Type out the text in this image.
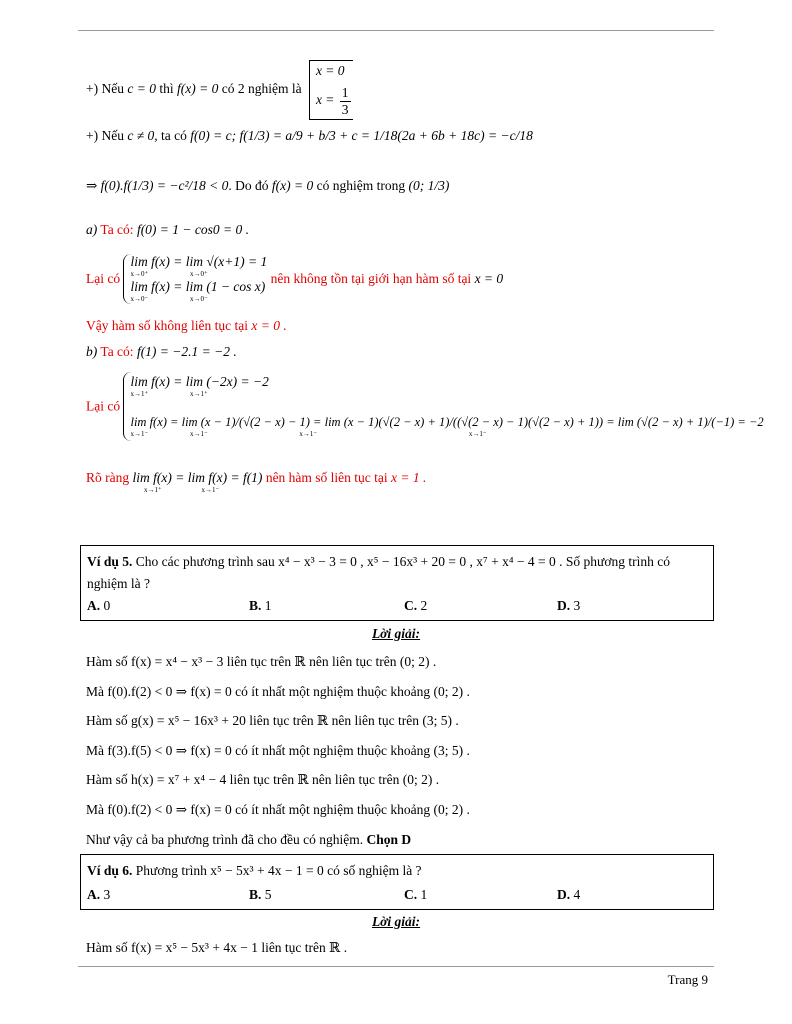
+) Nếu c = 0 thì f(x) = 0 có 2 nghiệm là
x = 0
$x = \frac{1}{3}$
+) Nếu c ≠ 0, ta có f(0) = c; f(1/3) = a/9 + b/3 + c = 1/18(2a + 6b + 18c) = −c/18
⇒ f(0).f(1/3) = −c²/18 < 0. Do đó f(x) = 0 có nghiệm trong (0; 1/3)
a) Ta có: f(0) = 1 − cos0 = 0 .
Lại có
lim f(x) = lim √(x+1) = 1
x→0⁺	x→0⁺
lim f(x) = lim (1 − cos x)
x→0⁻	x→0⁻
nên không tồn tại giới hạn hàm số tại x = 0
Vậy hàm số không liên tục tại x = 0 .
b) Ta có: f(1) = −2.1 = −2 .
Lại có
lim f(x) = lim (−2x) = −2
x→1⁺	x→1⁺
lim f(x) = lim (x − 1)/(√(2 − x) − 1) = lim (x − 1)(√(2 − x) + 1)/((√(2 − x) − 1)(√(2 − x) + 1)) = lim (√(2 − x) + 1)/(−1) = −2
x→1⁻	x→1⁻	x→1⁻	x→1⁻
Rõ ràng lim f(x) = lim f(x) = f(1) nên hàm số liên tục tại x = 1 .
x→1⁺	x→1⁻
Ví dụ 5. Cho các phương trình sau x⁴ − x³ − 3 = 0 , x⁵ − 16x³ + 20 = 0 , x⁷ + x⁴ − 4 = 0 . Số phương trình có
nghiệm là ?
A. 0	B. 1	C. 2	D. 3
Lời giải:
Hàm số f(x) = x⁴ − x³ − 3 liên tục trên ℝ nên liên tục trên (0; 2) .
Mà f(0).f(2) < 0 ⇒ f(x) = 0 có ít nhất một nghiệm thuộc khoảng (0; 2) .
Hàm số g(x) = x⁵ − 16x³ + 20 liên tục trên ℝ nên liên tục trên (3; 5) .
Mà f(3).f(5) < 0 ⇒ f(x) = 0 có ít nhất một nghiệm thuộc khoảng (3; 5) .
Hàm số h(x) = x⁷ + x⁴ − 4 liên tục trên ℝ nên liên tục trên (0; 2) .
Mà f(0).f(2) < 0 ⇒ f(x) = 0 có ít nhất một nghiệm thuộc khoảng (0; 2) .
Như vậy cả ba phương trình đã cho đều có nghiệm. Chọn D
Ví dụ 6. Phương trình x⁵ − 5x³ + 4x − 1 = 0 có số nghiệm là ?
A. 3	B. 5	C. 1	D. 4
Lời giải:
Hàm số f(x) = x⁵ − 5x³ + 4x − 1 liên tục trên ℝ .
Trang 9
